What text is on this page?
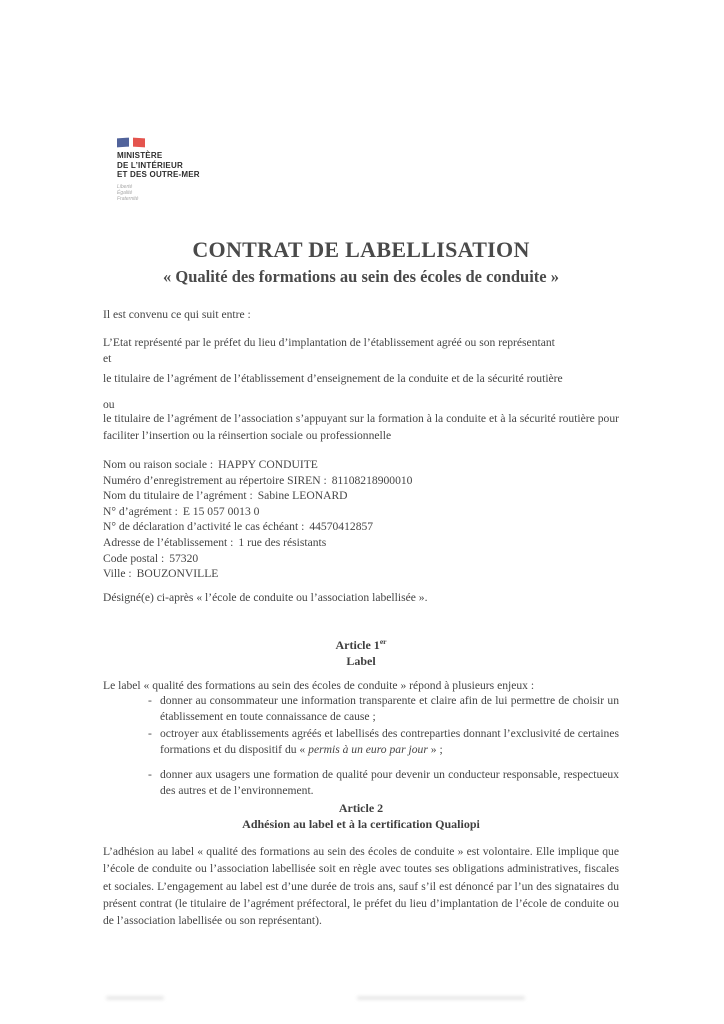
MINISTÈRE
DE L’INTÉRIEUR
ET DES OUTRE-MER
Liberté
Égalité
Fraternité
CONTRAT DE LABELLISATION
« Qualité des formations au sein des écoles de conduite »

Il est convenu ce qui suit entre :

L’Etat représenté par le préfet du lieu d’implantation de l’établissement agréé ou son représentant

et

le titulaire de l’agrément de l’établissement d’enseignement de la conduite et de la sécurité routière

ou

le titulaire de l’agrément de l’association s’appuyant sur la formation à la conduite et à la sécurité routière pour faciliter l’insertion ou la réinsertion sociale ou professionnelle

Nom ou raison sociale : HAPPY CONDUITE
Numéro d’enregistrement au répertoire SIREN : 81108218900010
Nom du titulaire de l’agrément : Sabine LEONARD
N° d’agrément : E 15 057 0013 0
N° de déclaration d’activité le cas échéant : 44570412857
Adresse de l’établissement : 1 rue des résistants
Code postal : 57320
Ville : BOUZONVILLE

Désigné(e) ci-après « l’école de conduite ou l’association labellisée ».

Article 1er
Label

Le label « qualité des formations au sein des écoles de conduite » répond à plusieurs enjeux :

- donner au consommateur une information transparente et claire afin de lui permettre de choisir un établissement en toute connaissance de cause ;
- octroyer aux établissements agréés et labellisés des contreparties donnant l’exclusivité de certaines formations et du dispositif du « permis à un euro par jour » ;
- donner aux usagers une formation de qualité pour devenir un conducteur responsable, respectueux des autres et de l’environnement.
Article 2
Adhésion au label et à la certification Qualiopi

L’adhésion au label « qualité des formations au sein des écoles de conduite » est volontaire. Elle implique que l’école de conduite ou l’association labellisée soit en règle avec toutes ses obligations administratives, fiscales et sociales. L’engagement au label est d’une durée de trois ans, sauf s’il est dénoncé par l’un des signataires du présent contrat (le titulaire de l’agrément préfectoral, le préfet du lieu d’implantation de l’école de conduite ou de l’association labellisée ou son représentant).
